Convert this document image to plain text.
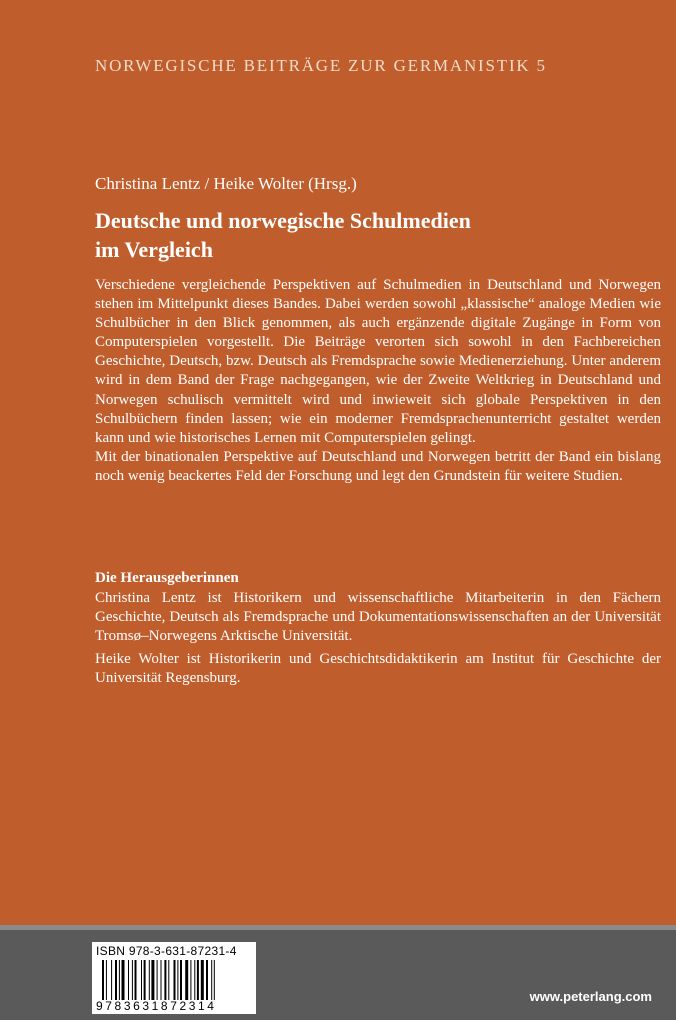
NORWEGISCHE BEITRÄGE ZUR GERMANISTIK 5
Christina Lentz / Heike Wolter (Hrsg.)
Deutsche und norwegische Schulmedien
im Vergleich
Verschiedene vergleichende Perspektiven auf Schulmedien in Deutschland und Norwegen stehen im Mittelpunkt dieses Bandes. Dabei werden sowohl „klassische“ analoge Medien wie Schulbücher in den Blick genommen, als auch ergänzende digitale Zugänge in Form von Computerspielen vorgestellt. Die Beiträge verorten sich sowohl in den Fachbereichen Geschichte, Deutsch, bzw. Deutsch als Fremdsprache sowie Medienerziehung. Unter anderem wird in dem Band der Frage nachgegangen, wie der Zweite Weltkrieg in Deutschland und Norwegen schulisch vermittelt wird und inwieweit sich globale Perspektiven in den Schulbüchern finden lassen; wie ein moderner Fremdsprachenunterricht gestaltet werden kann und wie historisches Lernen mit Computerspielen gelingt.
Mit der binationalen Perspektive auf Deutschland und Norwegen betritt der Band ein bislang noch wenig beackertes Feld der Forschung und legt den Grundstein für weitere Studien.
Die Herausgeberinnen
Christina Lentz ist Historikern und wissenschaftliche Mitarbeiterin in den Fächern Geschichte, Deutsch als Fremdsprache und Dokumentationswissenschaften an der Universität Tromsø–Norwegens Arktische Universität.
Heike Wolter ist Historikerin und Geschichtsdidaktikerin am Institut für Geschichte der Universität Regensburg.
ISBN 978-3-631-87231-4
9783631872314
www.peterlang.com
